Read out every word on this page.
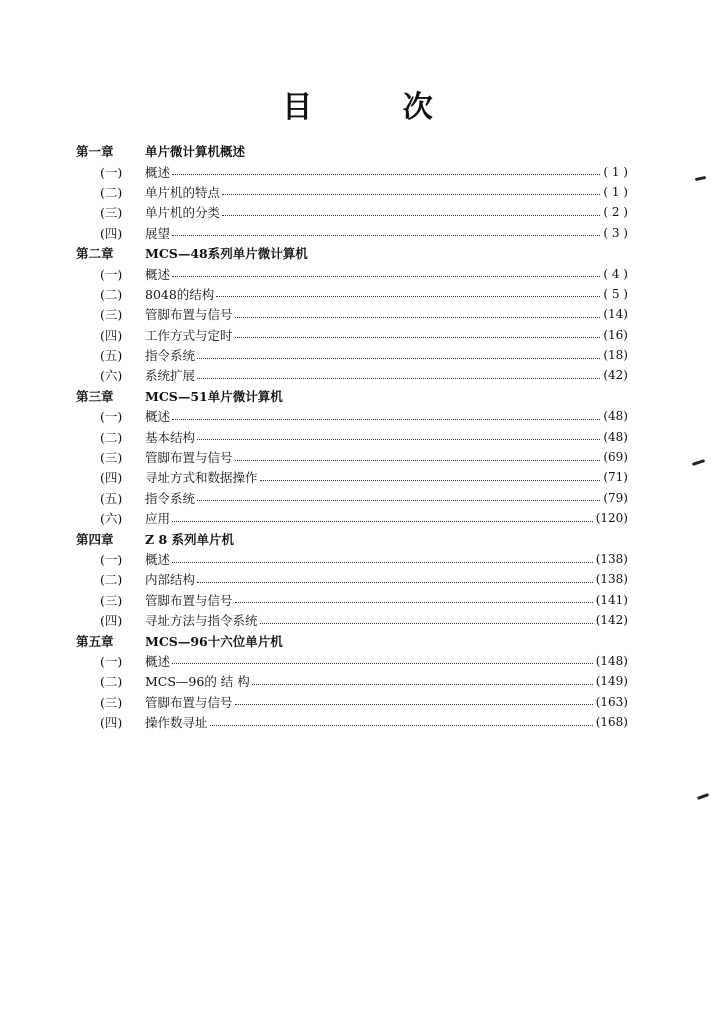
目 次
第一章	单片微计算机概述
(一)	概述	( 1 )
(二)	单片机的特点	( 1 )
(三)	单片机的分类	( 2 )
(四)	展望	( 3 )
第二章	MCS—48系列单片微计算机
(一)	概述	( 4 )
(二)	8048的结构	( 5 )
(三)	管脚布置与信号	(14)
(四)	工作方式与定时	(16)
(五)	指令系统	(18)
(六)	系统扩展	(42)
第三章	MCS—51单片微计算机
(一)	概述	(48)
(二)	基本结构	(48)
(三)	管脚布置与信号	(69)
(四)	寻址方式和数据操作	(71)
(五)	指令系统	(79)
(六)	应用	(120)
第四章	Z 8 系列单片机
(一)	概述	(138)
(二)	内部结构	(138)
(三)	管脚布置与信号	(141)
(四)	寻址方法与指令系统	(142)
第五章	MCS—96十六位单片机
(一)	概述	(148)
(二)	MCS—96的 结 构	(149)
(三)	管脚布置与信号	(163)
(四)	操作数寻址	(168)
